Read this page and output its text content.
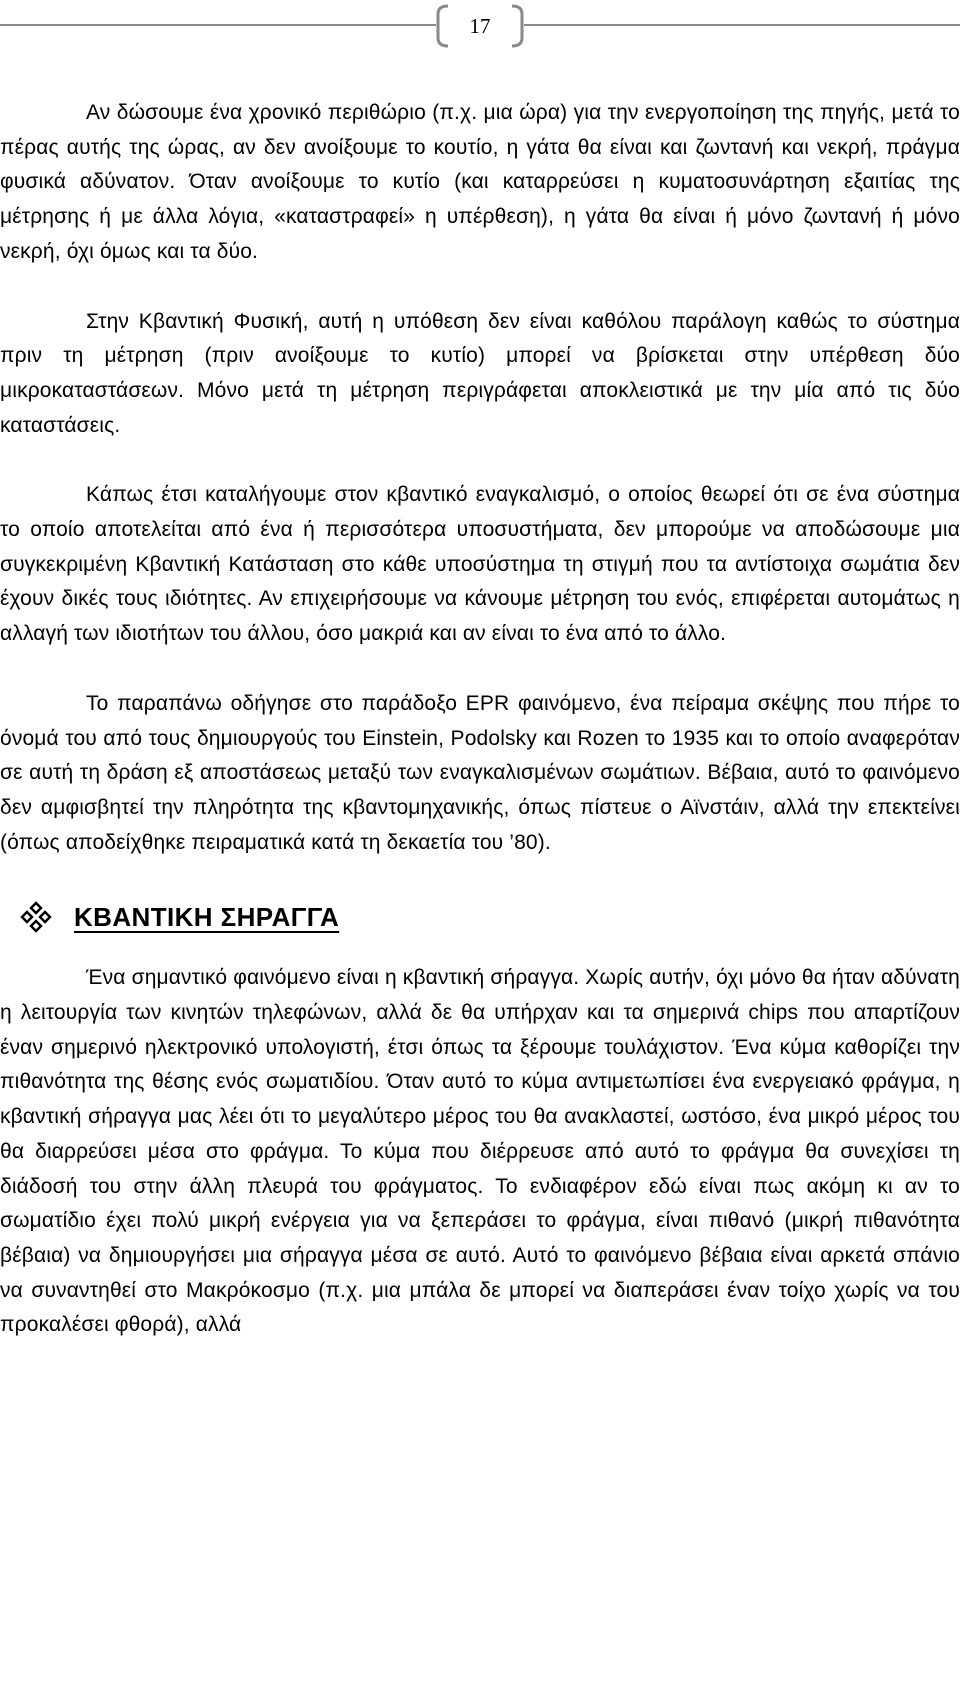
17

Αν δώσουμε ένα χρονικό περιθώριο (π.χ. μια ώρα) για την ενεργοποίηση της πηγής, μετά το πέρας αυτής της ώρας, αν δεν ανοίξουμε το κουτίο, η γάτα θα είναι και ζωντανή και νεκρή, πράγμα φυσικά αδύνατον. Όταν ανοίξουμε το κυτίο (και καταρρεύσει η κυματοσυνάρτηση εξαιτίας της μέτρησης ή με άλλα λόγια, «καταστραφεί» η υπέρθεση), η γάτα θα είναι ή μόνο ζωντανή ή μόνο νεκρή, όχι όμως και τα δύο.

Στην Κβαντική Φυσική, αυτή η υπόθεση δεν είναι καθόλου παράλογη καθώς το σύστημα πριν τη μέτρηση (πριν ανοίξουμε το κυτίο) μπορεί να βρίσκεται στην υπέρθεση δύο μικροκαταστάσεων. Μόνο μετά τη μέτρηση περιγράφεται αποκλειστικά με την μία από τις δύο καταστάσεις.

Κάπως έτσι καταλήγουμε στον κβαντικό εναγκαλισμό, ο οποίος θεωρεί ότι σε ένα σύστημα το οποίο αποτελείται από ένα ή περισσότερα υποσυστήματα, δεν μπορούμε να αποδώσουμε μια συγκεκριμένη Κβαντική Κατάσταση στο κάθε υποσύστημα τη στιγμή που τα αντίστοιχα σωμάτια δεν έχουν δικές τους ιδιότητες. Αν επιχειρήσουμε να κάνουμε μέτρηση του ενός, επιφέρεται αυτομάτως η αλλαγή των ιδιοτήτων του άλλου, όσο μακριά και αν είναι το ένα από το άλλο.

Το παραπάνω οδήγησε στο παράδοξο EPR φαινόμενο, ένα πείραμα σκέψης που πήρε το όνομά του από τους δημιουργούς του Einstein, Podolsky και Rozen το 1935 και το οποίο αναφερόταν σε αυτή τη δράση εξ αποστάσεως μεταξύ των εναγκαλισμένων σωμάτιων. Βέβαια, αυτό το φαινόμενο δεν αμφισβητεί την πληρότητα της κβαντομηχανικής, όπως πίστευε ο Αϊνστάιν, αλλά την επεκτείνει (όπως αποδείχθηκε πειραματικά κατά τη δεκαετία του ’80).

ΚΒΑΝΤΙΚΗ ΣΗΡΑΓΓΑ

Ένα σημαντικό φαινόμενο είναι η κβαντική σήραγγα. Χωρίς αυτήν, όχι μόνο θα ήταν αδύνατη η λειτουργία των κινητών τηλεφώνων, αλλά δε θα υπήρχαν και τα σημερινά chips που απαρτίζουν έναν σημερινό ηλεκτρονικό υπολογιστή, έτσι όπως τα ξέρουμε τουλάχιστον. Ένα κύμα καθορίζει την πιθανότητα της θέσης ενός σωματιδίου. Όταν αυτό το κύμα αντιμετωπίσει ένα ενεργειακό φράγμα, η κβαντική σήραγγα μας λέει ότι το μεγαλύτερο μέρος του θα ανακλαστεί, ωστόσο, ένα μικρό μέρος του θα διαρρεύσει μέσα στο φράγμα. Το κύμα που διέρρευσε από αυτό το φράγμα θα συνεχίσει τη διάδοσή του στην άλλη πλευρά του φράγματος. Το ενδιαφέρον εδώ είναι πως ακόμη κι αν το σωματίδιο έχει πολύ μικρή ενέργεια για να ξεπεράσει το φράγμα, είναι πιθανό (μικρή πιθανότητα βέβαια) να δημιουργήσει μια σήραγγα μέσα σε αυτό. Αυτό το φαινόμενο βέβαια είναι αρκετά σπάνιο να συναντηθεί στο Μακρόκοσμο (π.χ. μια μπάλα δε μπορεί να διαπεράσει έναν τοίχο χωρίς να του προκαλέσει φθορά), αλλά
